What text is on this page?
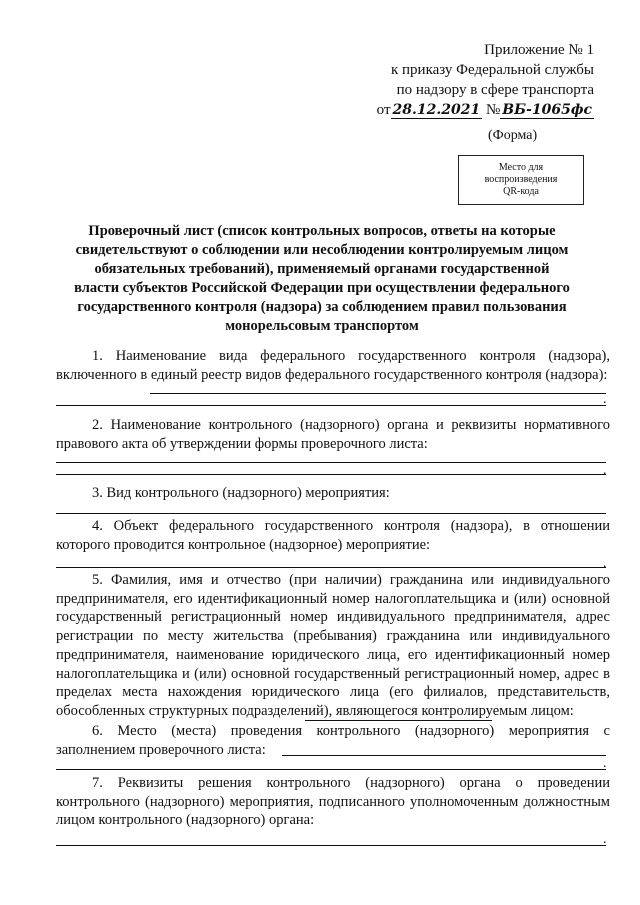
Приложение № 1
к приказу Федеральной службы
по надзору в сфере транспорта
от 28.12.2021 № ВБ-1065фс
(Форма)
Место для
воспроизведения
QR-кода
Проверочный лист (список контрольных вопросов, ответы на которые свидетельствуют о соблюдении или несоблюдении контролируемым лицом обязательных требований), применяемый органами государственной власти субъектов Российской Федерации при осуществлении федерального государственного контроля (надзора) за соблюдением правил пользования монорельсовым транспортом
1. Наименование вида федерального государственного контроля (надзора), включенного в единый реестр видов федерального государственного контроля (надзора):
.
2. Наименование контрольного (надзорного) органа и реквизиты нормативного правового акта об утверждении формы проверочного листа:
.
3. Вид контрольного (надзорного) мероприятия:
4. Объект федерального государственного контроля (надзора), в отношении которого проводится контрольное (надзорное) мероприятие:
.
5. Фамилия, имя и отчество (при наличии) гражданина или индивидуального предпринимателя, его идентификационный номер налогоплательщика и (или) основной государственный регистрационный номер индивидуального предпринимателя, адрес регистрации по месту жительства (пребывания) гражданина или индивидуального предпринимателя, наименование юридического лица, его идентификационный номер налогоплательщика и (или) основной государственный регистрационный номер, адрес в пределах места нахождения юридического лица (его филиалов, представительств, обособленных структурных подразделений), являющегося контролируемым лицом:
6. Место (места) проведения контрольного (надзорного) мероприятия с заполнением проверочного листа:
.
7. Реквизиты решения контрольного (надзорного) органа о проведении контрольного (надзорного) мероприятия, подписанного уполномоченным должностным лицом контрольного (надзорного) органа:
.
